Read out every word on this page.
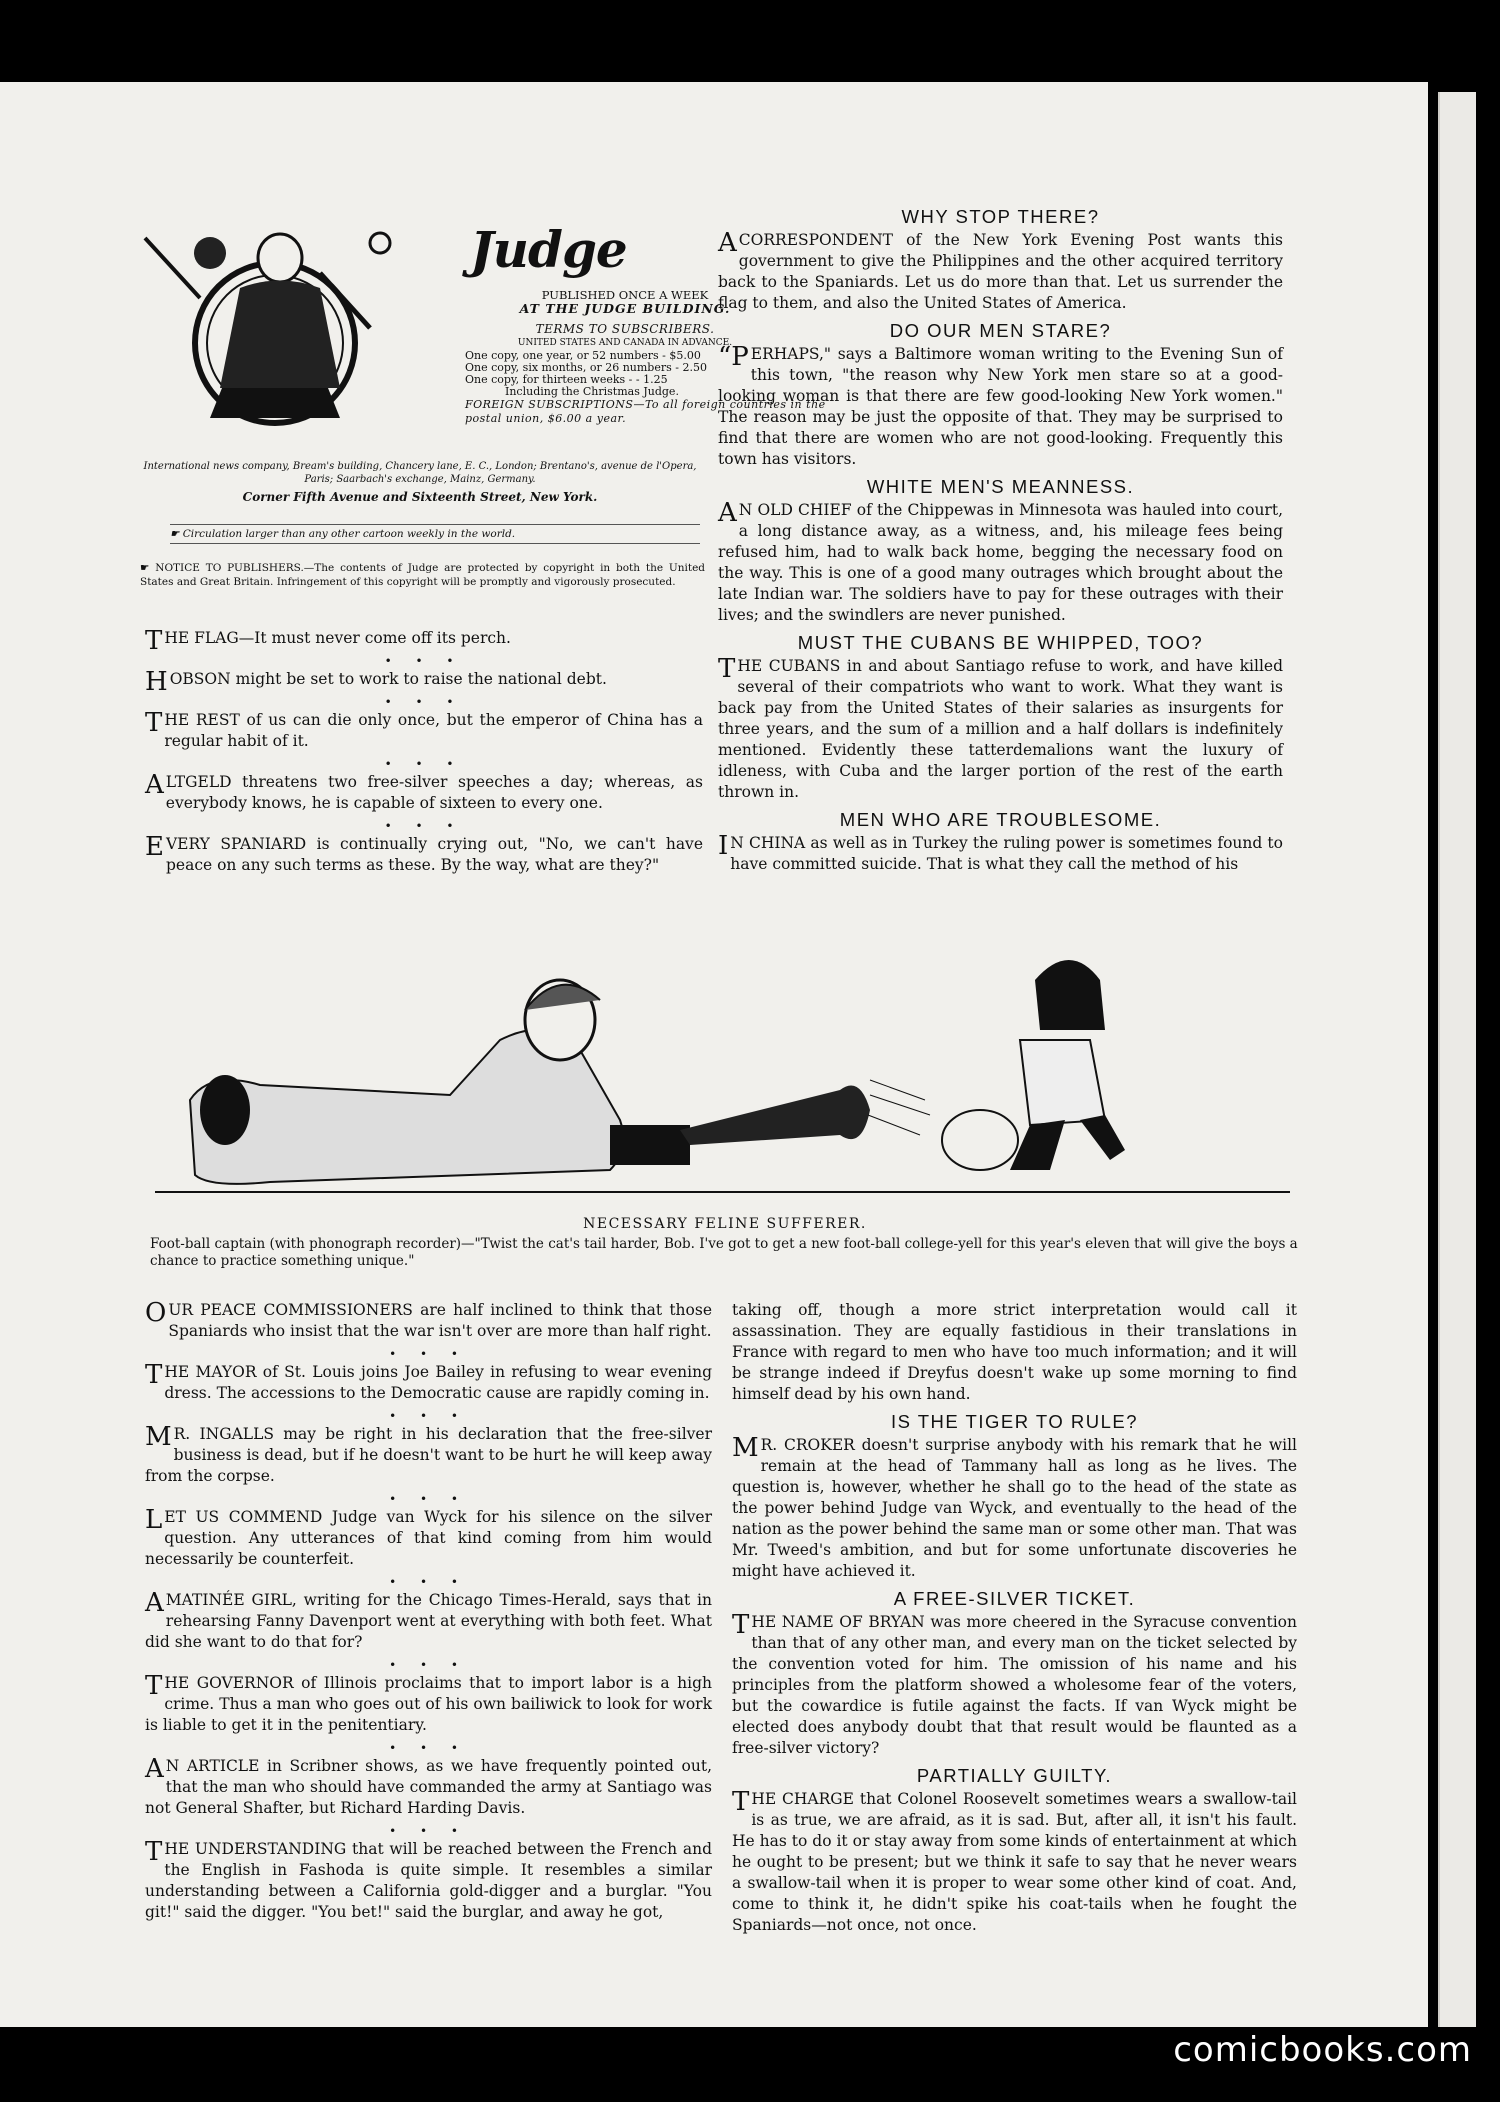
Judge
PUBLISHED ONCE A WEEK
AT THE JUDGE BUILDING.
TERMS TO SUBSCRIBERS.
UNITED STATES AND CANADA IN ADVANCE.
One copy, one year, or 52 numbers - $5.00
One copy, six months, or 26 numbers - 2.50
One copy, for thirteen weeks - - 1.25
Including the Christmas Judge.
FOREIGN SUBSCRIPTIONS—To all foreign countries in the postal union, $6.00 a year.
International news company, Bream's building, Chancery lane, E. C., London; Brentano's, avenue de l'Opera, Paris; Saarbach's exchange, Mainz, Germany.
Corner Fifth Avenue and Sixteenth Street, New York.
☛ Circulation larger than any other cartoon weekly in the world.
☛ NOTICE TO PUBLISHERS.—The contents of Judge are protected by copyright in both the United States and Great Britain. Infringement of this copyright will be promptly and vigorously prosecuted.
THE FLAG—It must never come off its perch.
• • •
HOBSON might be set to work to raise the national debt.
• • •
THE REST of us can die only once, but the emperor of China has a regular habit of it.
• • •
ALTGELD threatens two free-silver speeches a day; whereas, as everybody knows, he is capable of sixteen to every one.
• • •
EVERY SPANIARD is continually crying out, "No, we can't have peace on any such terms as these. By the way, what are they?"
WHY STOP THERE?
ACORRESPONDENT of the New York Evening Post wants this government to give the Philippines and the other acquired territory back to the Spaniards. Let us do more than that. Let us surrender the flag to them, and also the United States of America.
DO OUR MEN STARE?
“PERHAPS," says a Baltimore woman writing to the Evening Sun of this town, "the reason why New York men stare so at a good-looking woman is that there are few good-looking New York women." The reason may be just the opposite of that. They may be surprised to find that there are women who are not good-looking. Frequently this town has visitors.
WHITE MEN'S MEANNESS.
A N OLD CHIEF of the Chippewas in Minnesota was hauled into court, a long distance away, as a witness, and, his mileage fees being refused him, had to walk back home, begging the necessary food on the way. This is one of a good many outrages which brought about the late Indian war. The soldiers have to pay for these outrages with their lives; and the swindlers are never punished.
MUST THE CUBANS BE WHIPPED, TOO?
THE CUBANS in and about Santiago refuse to work, and have killed several of their compatriots who want to work. What they want is back pay from the United States of their salaries as insurgents for three years, and the sum of a million and a half dollars is indefinitely mentioned. Evidently these tatterdemalions want the luxury of idleness, with Cuba and the larger portion of the rest of the earth thrown in.
MEN WHO ARE TROUBLESOME.
I N CHINA as well as in Turkey the ruling power is sometimes found to have committed suicide. That is what they call the method of his
NECESSARY FELINE SUFFERER.
Foot-ball captain (with phonograph recorder)—"Twist the cat's tail harder, Bob. I've got to get a new foot-ball college-yell for this year's eleven that will give the boys a chance to practice something unique."
OUR PEACE COMMISSIONERS are half inclined to think that those Spaniards who insist that the war isn't over are more than half right.
• • •
THE MAYOR of St. Louis joins Joe Bailey in refusing to wear evening dress. The accessions to the Democratic cause are rapidly coming in.
• • •
M R. INGALLS may be right in his declaration that the free-silver business is dead, but if he doesn't want to be hurt he will keep away from the corpse.
• • •
LET US COMMEND Judge van Wyck for his silence on the silver question. Any utterances of that kind coming from him would necessarily be counterfeit.
• • •
AMATINÉE GIRL, writing for the Chicago Times-Herald, says that in rehearsing Fanny Davenport went at everything with both feet. What did she want to do that for?
• • •
THE GOVERNOR of Illinois proclaims that to import labor is a high crime. Thus a man who goes out of his own bailiwick to look for work is liable to get it in the penitentiary.
• • •
A N ARTICLE in Scribner shows, as we have frequently pointed out, that the man who should have commanded the army at Santiago was not General Shafter, but Richard Harding Davis.
• • •
THE UNDERSTANDING that will be reached between the French and the English in Fashoda is quite simple. It resembles a similar understanding between a California gold-digger and a burglar. "You git!" said the digger. "You bet!" said the burglar, and away he got,
taking off, though a more strict interpretation would call it assassination. They are equally fastidious in their translations in France with regard to men who have too much information; and it will be strange indeed if Dreyfus doesn't wake up some morning to find himself dead by his own hand.
IS THE TIGER TO RULE?
M R. CROKER doesn't surprise anybody with his remark that he will remain at the head of Tammany hall as long as he lives. The question is, however, whether he shall go to the head of the state as the power behind Judge van Wyck, and eventually to the head of the nation as the power behind the same man or some other man. That was Mr. Tweed's ambition, and but for some unfortunate discoveries he might have achieved it.
A FREE-SILVER TICKET.
THE NAME OF BRYAN was more cheered in the Syracuse convention than that of any other man, and every man on the ticket selected by the convention voted for him. The omission of his name and his principles from the platform showed a wholesome fear of the voters, but the cowardice is futile against the facts. If van Wyck might be elected does anybody doubt that that result would be flaunted as a free-silver victory?
PARTIALLY GUILTY.
THE CHARGE that Colonel Roosevelt sometimes wears a swallow-tail is as true, we are afraid, as it is sad. But, after all, it isn't his fault. He has to do it or stay away from some kinds of entertainment at which he ought to be present; but we think it safe to say that he never wears a swallow-tail when it is proper to wear some other kind of coat. And, come to think it, he didn't spike his coat-tails when he fought the Spaniards—not once, not once.
comicbooks.com
